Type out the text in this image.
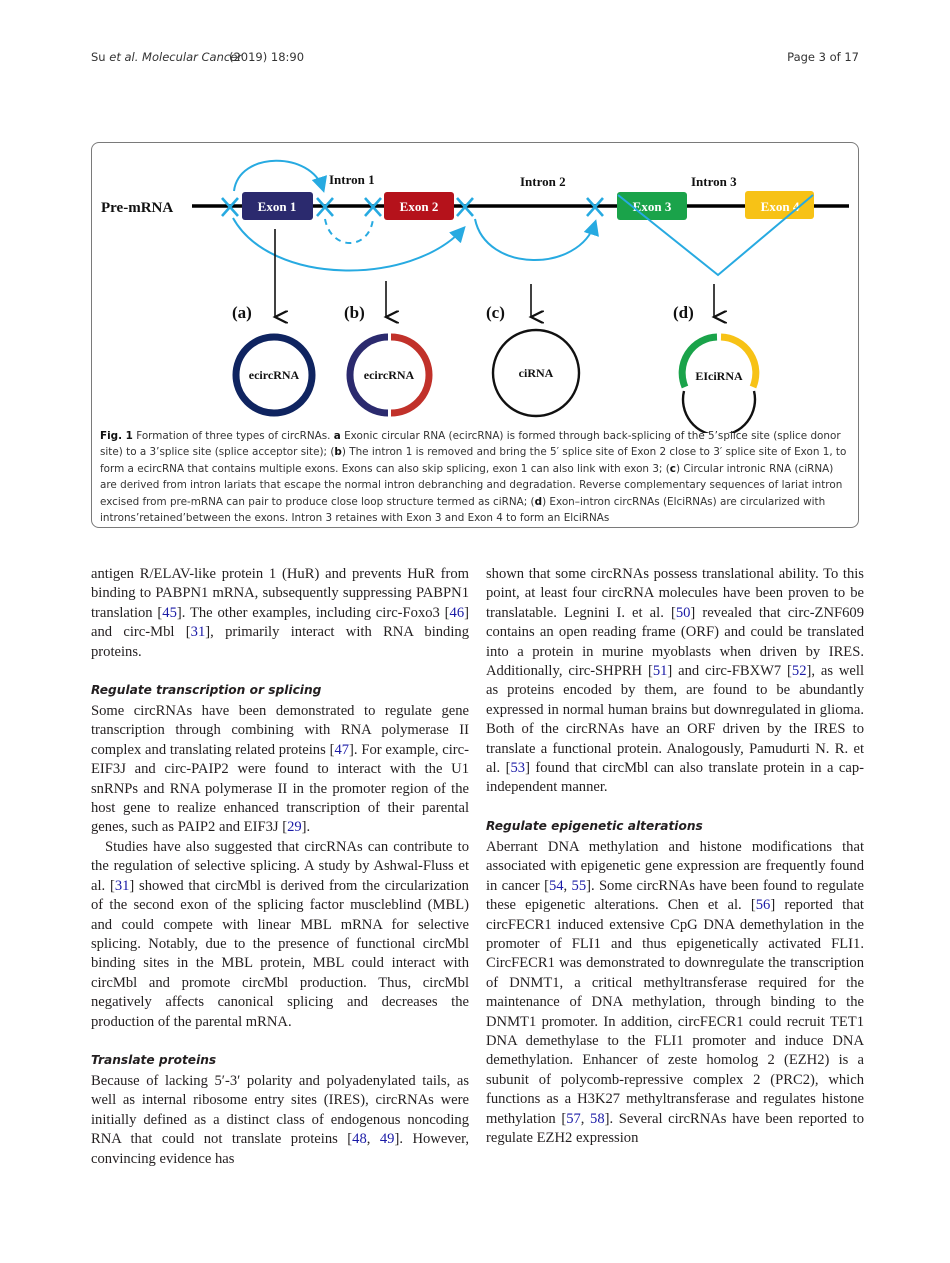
Su et al. Molecular Cancer
(2019) 18:90	Page 3 of 17
Pre-mRNA
Intron 1	Intron 2	Intron 3
Exon 1	Exon 2	Exon 3	Exon 4
(a)	(b)	(c)	(d)
ecircRNA	ecircRNA	ciRNA	EIciRNA
Fig. 1 Formation of three types of circRNAs. a Exonic circular RNA (ecircRNA) is formed through back-splicing of the 5’splice site (splice donor site) to a 3’splice site (splice acceptor site); (b) The intron 1 is removed and bring the 5′ splice site of Exon 2 close to 3′ splice site of Exon 1, to form a ecircRNA that contains multiple exons. Exons can also skip splicing, exon 1 can also link with exon 3; (c) Circular intronic RNA (ciRNA) are derived from intron lariats that escape the normal intron debranching and degradation. Reverse complementary sequences of lariat intron excised from pre-mRNA can pair to produce close loop structure termed as ciRNA; (d) Exon–intron circRNAs (ElciRNAs) are circularized with introns’retained’between the exons. Intron 3 retaines with Exon 3 and Exon 4 to form an ElciRNAs

antigen R/ELAV-like protein 1 (HuR) and prevents HuR from binding to PABPN1 mRNA, subsequently suppressing PABPN1 translation [45]. The other examples, including circ-Foxo3 [46] and circ-Mbl [31], primarily interact with RNA binding proteins.

Regulate transcription or splicing

Some circRNAs have been demonstrated to regulate gene transcription through combining with RNA polymerase II complex and translating related proteins [47]. For example, circ-EIF3J and circ-PAIP2 were found to interact with the U1 snRNPs and RNA polymerase II in the promoter region of the host gene to realize enhanced transcription of their parental genes, such as PAIP2 and EIF3J [29].

Studies have also suggested that circRNAs can contribute to the regulation of selective splicing. A study by Ashwal-Fluss et al. [31] showed that circMbl is derived from the circularization of the second exon of the splicing factor muscleblind (MBL) and could compete with linear MBL mRNA for selective splicing. Notably, due to the presence of functional circMbl binding sites in the MBL protein, MBL could interact with circMbl and promote circMbl production. Thus, circMbl negatively affects canonical splicing and decreases the production of the parental mRNA.

Translate proteins

Because of lacking 5′-3′ polarity and polyadenylated tails, as well as internal ribosome entry sites (IRES), circRNAs were initially defined as a distinct class of endogenous noncoding RNA that could not translate proteins [48, 49]. However, convincing evidence has

shown that some circRNAs possess translational ability. To this point, at least four circRNA molecules have been proven to be translatable. Legnini I. et al. [50] revealed that circ-ZNF609 contains an open reading frame (ORF) and could be translated into a protein in murine myoblasts when driven by IRES. Additionally, circ-SHPRH [51] and circ-FBXW7 [52], as well as proteins encoded by them, are found to be abundantly expressed in normal human brains but downregulated in glioma. Both of the circRNAs have an ORF driven by the IRES to translate a functional protein. Analogously, Pamudurti N. R. et al. [53] found that circMbl can also translate protein in a cap-independent manner.

Regulate epigenetic alterations

Aberrant DNA methylation and histone modifications that associated with epigenetic gene expression are frequently found in cancer [54, 55]. Some circRNAs have been found to regulate these epigenetic alterations. Chen et al. [56] reported that circFECR1 induced extensive CpG DNA demethylation in the promoter of FLI1 and thus epigenetically activated FLI1. CircFECR1 was demonstrated to downregulate the transcription of DNMT1, a critical methyltransferase required for the maintenance of DNA methylation, through binding to the DNMT1 promoter. In addition, circFECR1 could recruit TET1 DNA demethylase to the FLI1 promoter and induce DNA demethylation. Enhancer of zeste homolog 2 (EZH2) is a subunit of polycomb-repressive complex 2 (PRC2), which functions as a H3K27 methyltransferase and regulates histone methylation [57, 58]. Several circRNAs have been reported to regulate EZH2 expression
